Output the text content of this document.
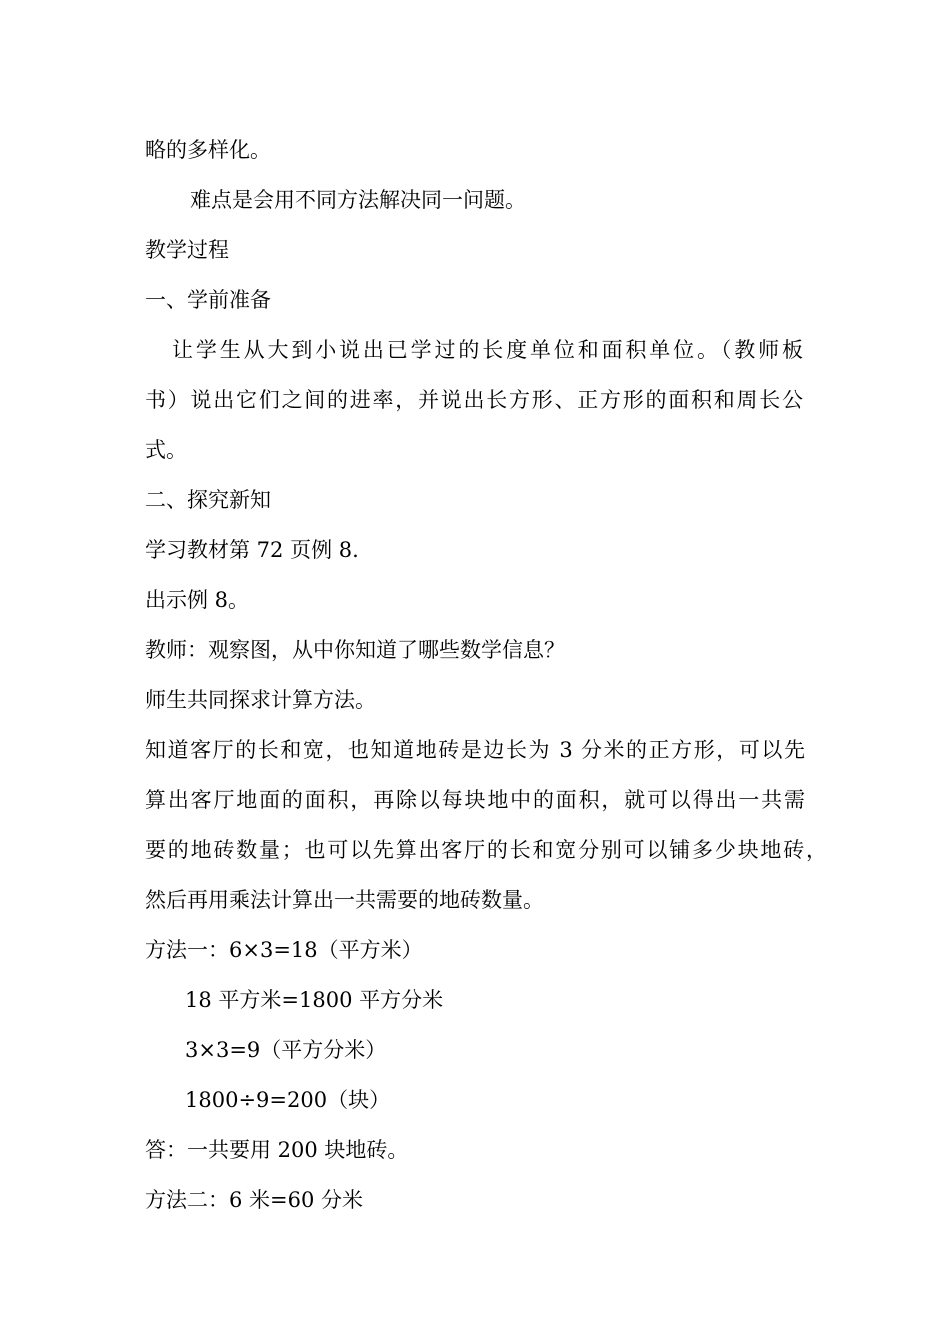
略的多样化。
难点是会用不同方法解决同一问题。
教学过程
一、学前准备
让学生从大到小说出已学过的长度单位和面积单位。（教师板
书）说出它们之间的进率，并说出长方形、正方形的面积和周长公
式。
二、探究新知
学习教材第 72 页例 8.
出示例 8。
教师：观察图，从中你知道了哪些数学信息？
师生共同探求计算方法。
知道客厅的长和宽，也知道地砖是边长为 3 分米的正方形，可以先
算出客厅地面的面积，再除以每块地中的面积，就可以得出一共需
要的地砖数量；也可以先算出客厅的长和宽分别可以铺多少块地砖，
然后再用乘法计算出一共需要的地砖数量。
方法一：6×3=18（平方米）
18 平方米=1800 平方分米
3×3=9（平方分米）
1800÷9=200（块）
答：一共要用 200 块地砖。
方法二：6 米=60 分米
